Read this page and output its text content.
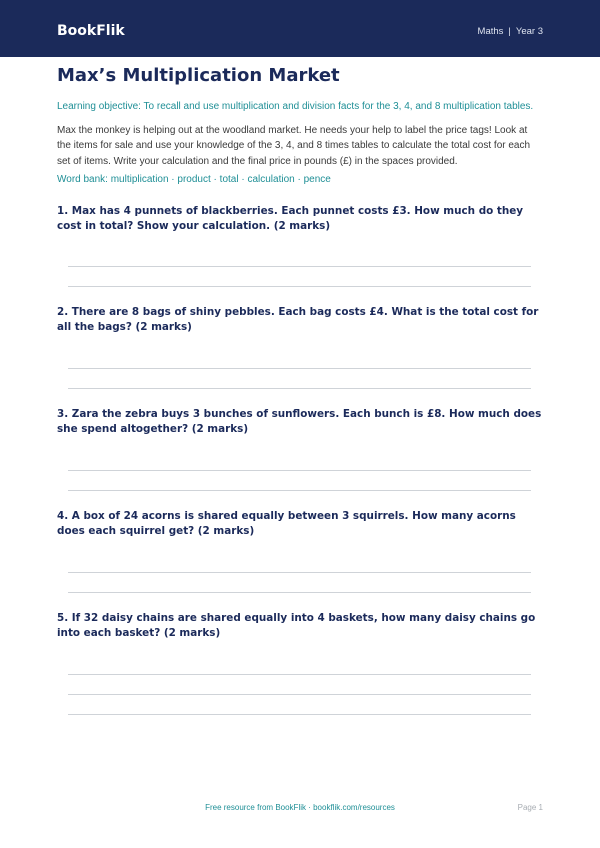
BookFlik	Maths | Year 3
Max’s Multiplication Market
Learning objective: To recall and use multiplication and division facts for the 3, 4, and 8 multiplication tables.
Max the monkey is helping out at the woodland market. He needs your help to label the price tags! Look at the items for sale and use your knowledge of the 3, 4, and 8 times tables to calculate the total cost for each set of items. Write your calculation and the final price in pounds (£) in the spaces provided.
Word bank: multiplication · product · total · calculation · pence
1. Max has 4 punnets of blackberries. Each punnet costs £3. How much do they cost in total? Show your calculation. (2 marks)
2. There are 8 bags of shiny pebbles. Each bag costs £4. What is the total cost for all the bags? (2 marks)
3. Zara the zebra buys 3 bunches of sunflowers. Each bunch is £8. How much does she spend altogether? (2 marks)
4. A box of 24 acorns is shared equally between 3 squirrels. How many acorns does each squirrel get? (2 marks)
5. If 32 daisy chains are shared equally into 4 baskets, how many daisy chains go into each basket? (2 marks)
Free resource from BookFlik · bookflik.com/resources	Page 1
